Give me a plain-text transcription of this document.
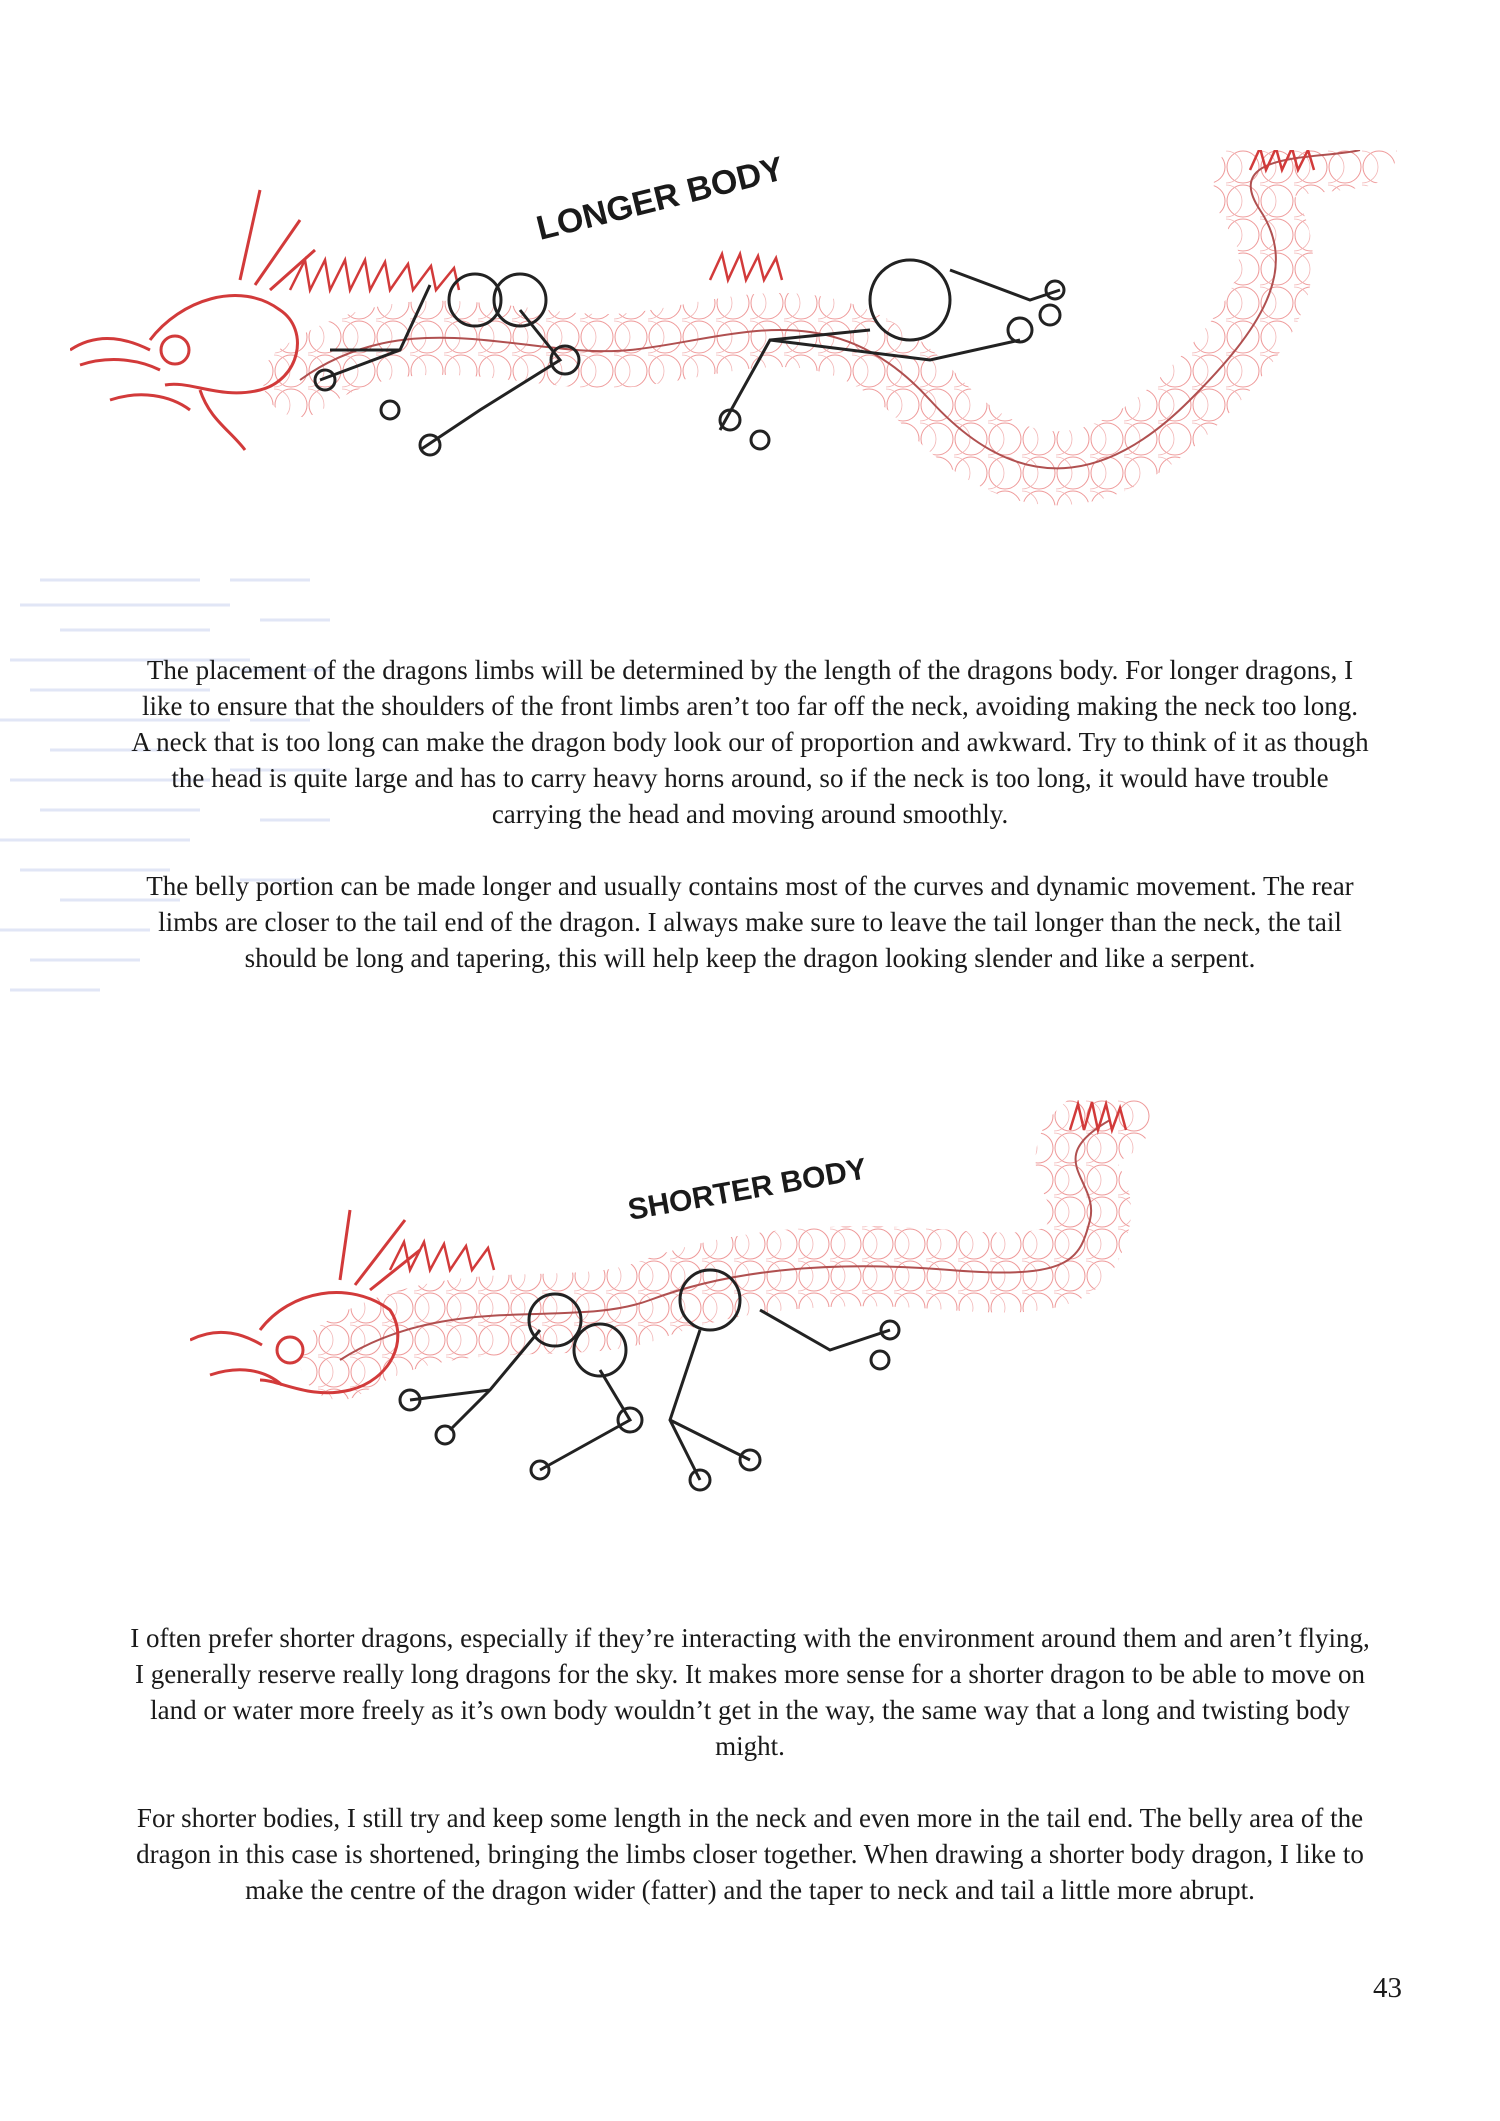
LONGER BODY
SHORTER BODY

The placement of the dragons limbs will be determined by the length of the dragons body. For longer dragons, I like to ensure that the shoulders of the front limbs aren’t too far off the neck, avoiding making the neck too long. A neck that is too long can make the dragon body look our of proportion and awkward. Try to think of it as though the head is quite large and has to carry heavy horns around, so if the neck is too long, it would have trouble carrying the head and moving around smoothly.

The belly portion can be made longer and usually contains most of the curves and dynamic movement. The rear limbs are closer to the tail end of the dragon. I always make sure to leave the tail longer than the neck, the tail should be long and tapering, this will help keep the dragon looking slender and like a serpent.

I often prefer shorter dragons, especially if they’re interacting with the environment around them and aren’t flying, I generally reserve really long dragons for the sky. It makes more sense for a shorter dragon to be able to move on land or water more freely as it’s own body wouldn’t get in the way, the same way that a long and twisting body might.

For shorter bodies, I still try and keep some length in the neck and even more in the tail end. The belly area of the dragon in this case is shortened, bringing the limbs closer together. When drawing a shorter body dragon, I like to make the centre of the dragon wider (fatter) and the taper to neck and tail a little more abrupt.

43
